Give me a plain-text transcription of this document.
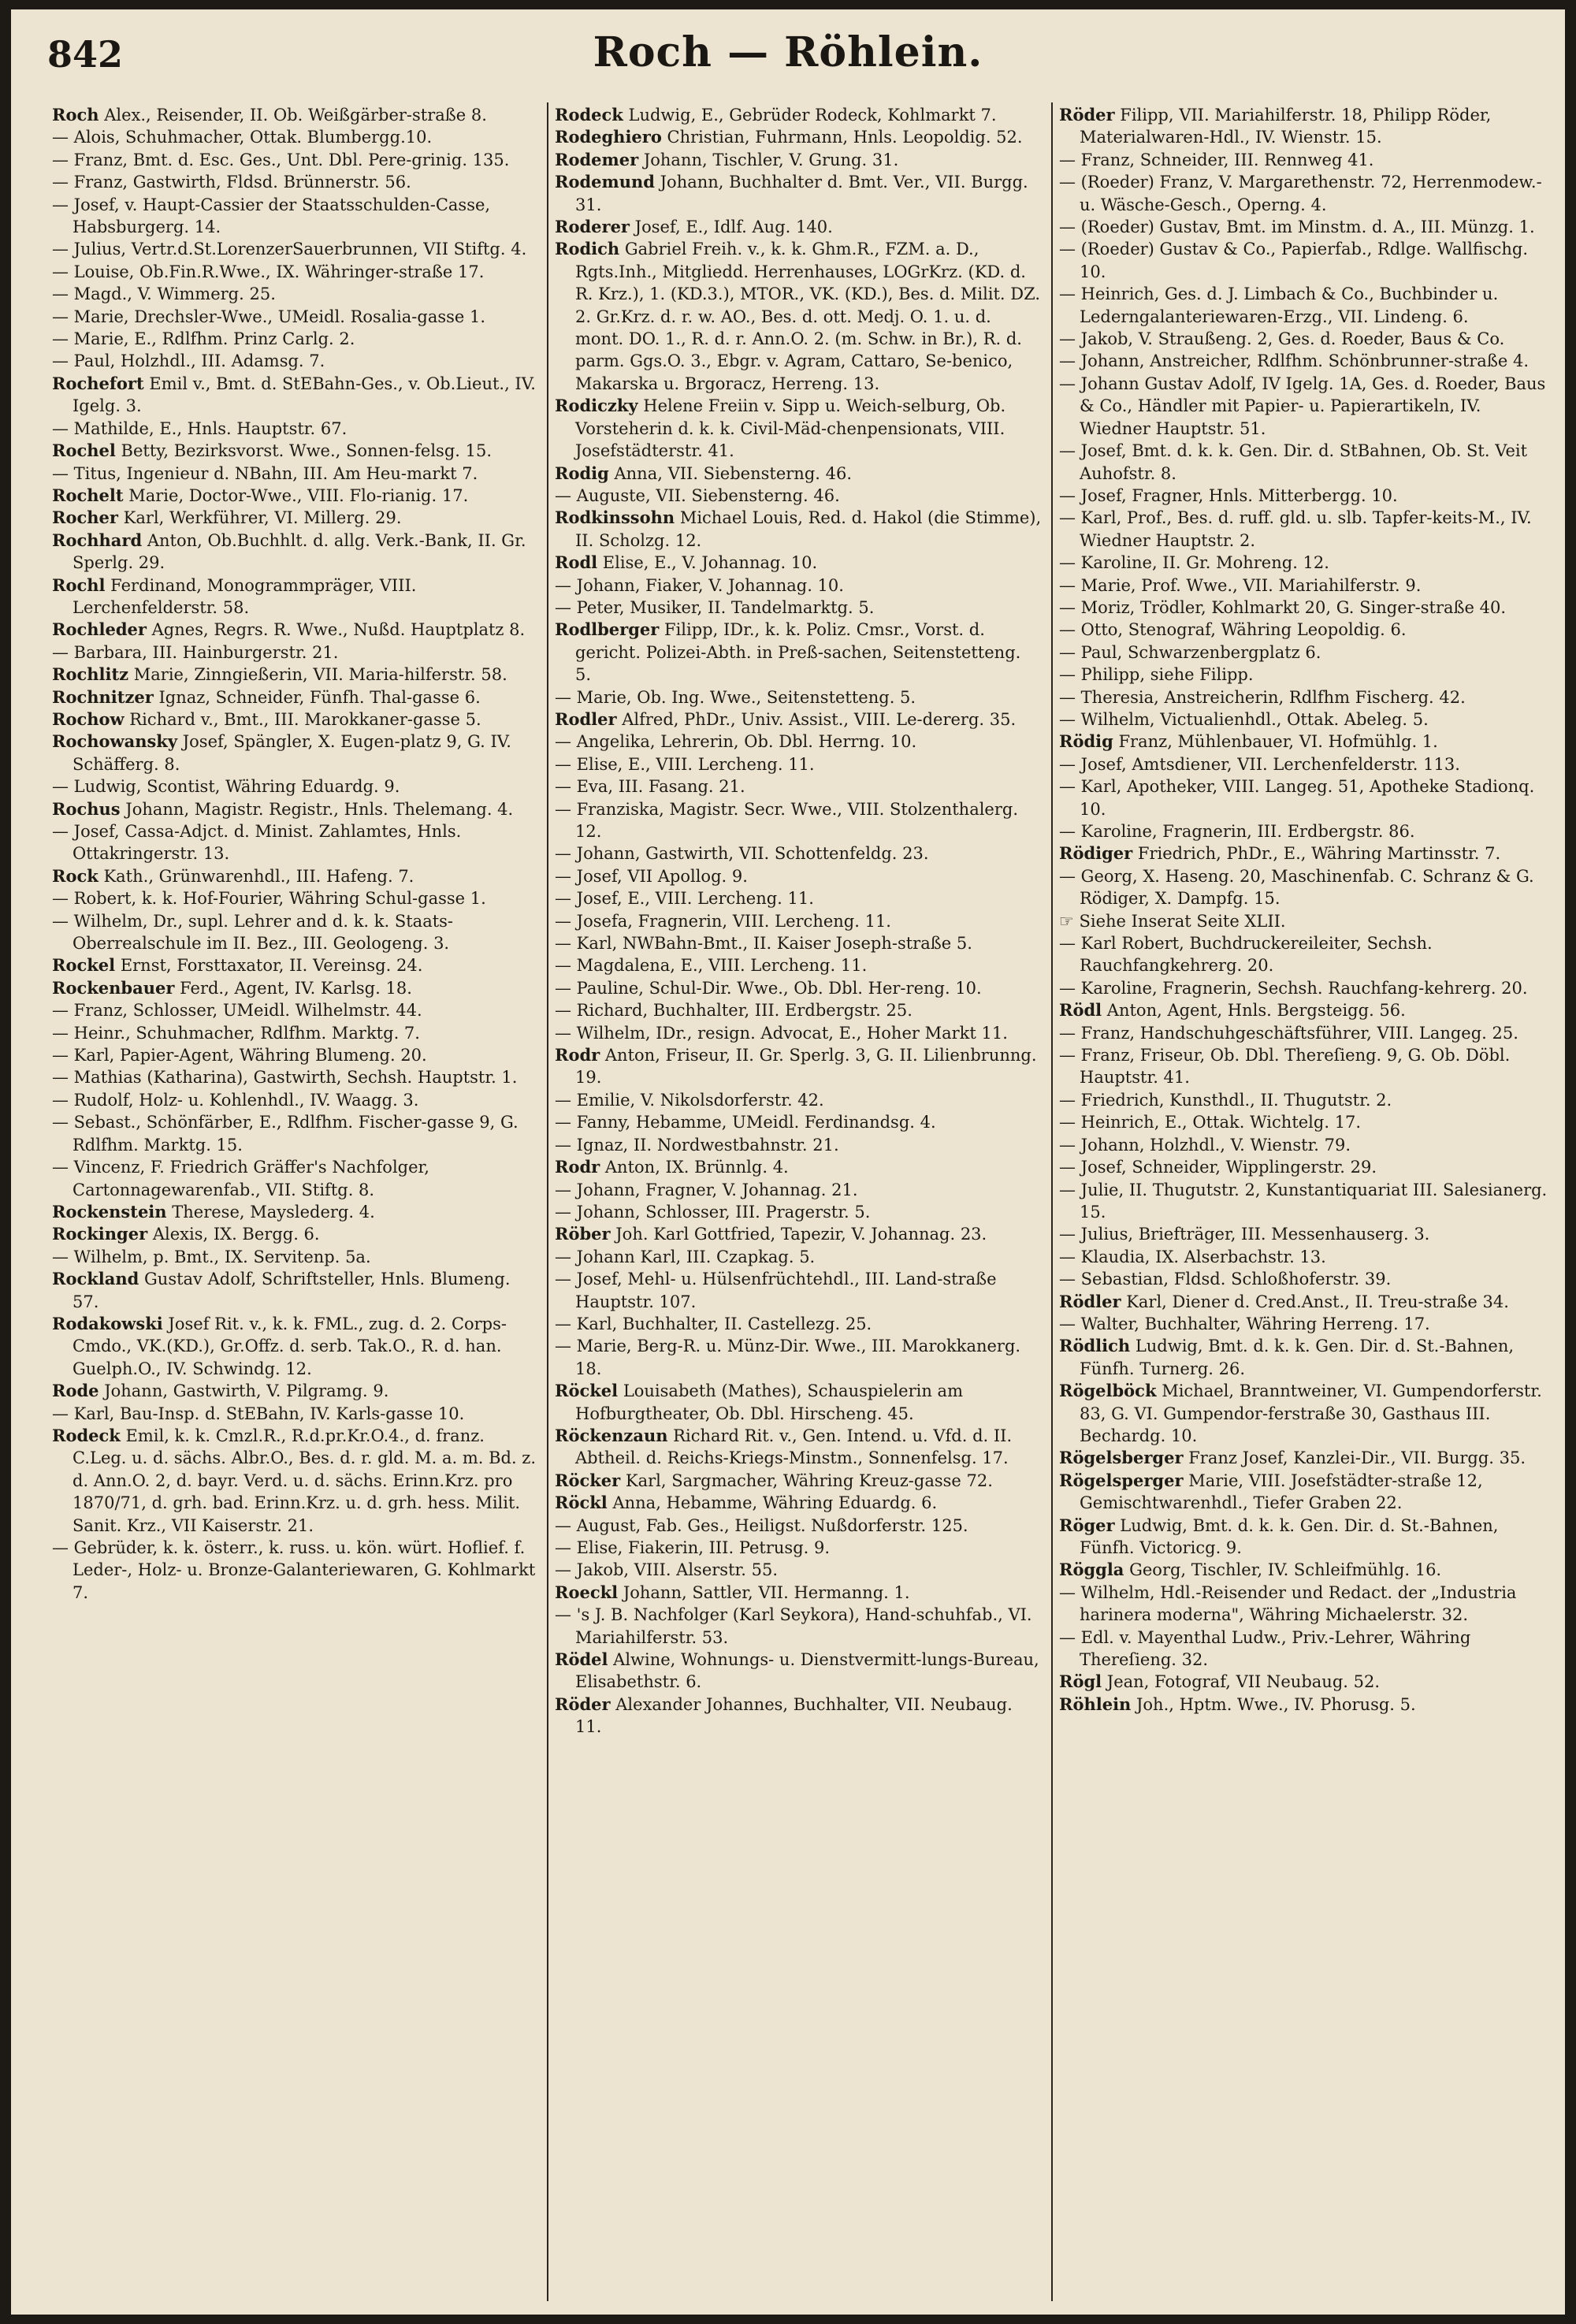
842	Roch — Röhlein.

Roch Alex., Reisender, II. Ob. Weißgärber-straße 8.

— Alois, Schuhmacher, Ottak. Blumbergg.10.

— Franz, Bmt. d. Esc. Ges., Unt. Dbl. Pere-grinig. 135.

— Franz, Gastwirth, Fldsd. Brünnerstr. 56.

— Josef, v. Haupt-Cassier der Staatsschulden-Casse, Habsburgerg. 14.

— Julius, Vertr.d.St.LorenzerSauerbrunnen, VII Stiftg. 4.

— Louise, Ob.Fin.R.Wwe., IX. Währinger-straße 17.

— Magd., V. Wimmerg. 25.

— Marie, Drechsler-Wwe., UMeidl. Rosalia-gasse 1.

— Marie, E., Rdlfhm. Prinz Carlg. 2.

— Paul, Holzhdl., III. Adamsg. 7.

Rochefort Emil v., Bmt. d. StEBahn-Ges., v. Ob.Lieut., IV. Igelg. 3.

— Mathilde, E., Hnls. Hauptstr. 67.

Rochel Betty, Bezirksvorst. Wwe., Sonnen-felsg. 15.

— Titus, Ingenieur d. NBahn, III. Am Heu-markt 7.

Rochelt Marie, Doctor-Wwe., VIII. Flo-rianig. 17.

Rocher Karl, Werkführer, VI. Millerg. 29.

Rochhard Anton, Ob.Buchhlt. d. allg. Verk.-Bank, II. Gr. Sperlg. 29.

Rochl Ferdinand, Monogrammpräger, VIII. Lerchenfelderstr. 58.

Rochleder Agnes, Regrs. R. Wwe., Nußd. Hauptplatz 8.

— Barbara, III. Hainburgerstr. 21.

Rochlitz Marie, Zinngießerin, VII. Maria-hilferstr. 58.

Rochnitzer Ignaz, Schneider, Fünfh. Thal-gasse 6.

Rochow Richard v., Bmt., III. Marokkaner-gasse 5.

Rochowansky Josef, Spängler, X. Eugen-platz 9, G. IV. Schäfferg. 8.

— Ludwig, Scontist, Währing Eduardg. 9.

Rochus Johann, Magistr. Registr., Hnls. Thelemang. 4.

— Josef, Cassa-Adjct. d. Minist. Zahlamtes, Hnls. Ottakringerstr. 13.

Rock Kath., Grünwarenhdl., III. Hafeng. 7.

— Robert, k. k. Hof-Fourier, Währing Schul-gasse 1.

— Wilhelm, Dr., supl. Lehrer and d. k. k. Staats-Oberrealschule im II. Bez., III. Geologeng. 3.

Rockel Ernst, Forsttaxator, II. Vereinsg. 24.

Rockenbauer Ferd., Agent, IV. Karlsg. 18.

— Franz, Schlosser, UMeidl. Wilhelmstr. 44.

— Heinr., Schuhmacher, Rdlfhm. Marktg. 7.

— Karl, Papier-Agent, Währing Blumeng. 20.

— Mathias (Katharina), Gastwirth, Sechsh. Hauptstr. 1.

— Rudolf, Holz- u. Kohlenhdl., IV. Waagg. 3.

— Sebast., Schönfärber, E., Rdlfhm. Fischer-gasse 9, G. Rdlfhm. Marktg. 15.

— Vincenz, F. Friedrich Gräffer's Nachfolger, Cartonnagewarenfab., VII. Stiftg. 8.

Rockenstein Therese, Mayslederg. 4.

Rockinger Alexis, IX. Bergg. 6.

— Wilhelm, p. Bmt., IX. Servitenp. 5a.

Rockland Gustav Adolf, Schriftsteller, Hnls. Blumeng. 57.

Rodakowski Josef Rit. v., k. k. FML., zug. d. 2. Corps-Cmdo., VK.(KD.), Gr.Offz. d. serb. Tak.O., R. d. han. Guelph.O., IV. Schwindg. 12.

Rode Johann, Gastwirth, V. Pilgramg. 9.

— Karl, Bau-Insp. d. StEBahn, IV. Karls-gasse 10.

Rodeck Emil, k. k. Cmzl.R., R.d.pr.Kr.O.4., d. franz. C.Leg. u. d. sächs. Albr.O., Bes. d. r. gld. M. a. m. Bd. z. d. Ann.O. 2, d. bayr. Verd. u. d. sächs. Erinn.Krz. pro 1870/71, d. grh. bad. Erinn.Krz. u. d. grh. hess. Milit. Sanit. Krz., VII Kaiserstr. 21.

— Gebrüder, k. k. österr., k. russ. u. kön. würt. Hoflief. f. Leder-, Holz- u. Bronze-Galanteriewaren, G. Kohlmarkt 7.

Rodeck Ludwig, E., Gebrüder Rodeck, Kohlmarkt 7.

Rodeghiero Christian, Fuhrmann, Hnls. Leopoldig. 52.

Rodemer Johann, Tischler, V. Grung. 31.

Rodemund Johann, Buchhalter d. Bmt. Ver., VII. Burgg. 31.

Roderer Josef, E., Idlf. Aug. 140.

Rodich Gabriel Freih. v., k. k. Ghm.R., FZM. a. D., Rgts.Inh., Mitgliedd. Herrenhauses, LOGrKrz. (KD. d. R. Krz.), 1. (KD.3.), MTOR., VK. (KD.), Bes. d. Milit. DZ. 2. Gr.Krz. d. r. w. AO., Bes. d. ott. Medj. O. 1. u. d. mont. DO. 1., R. d. r. Ann.O. 2. (m. Schw. in Br.), R. d. parm. Ggs.O. 3., Ebgr. v. Agram, Cattaro, Se-benico, Makarska u. Brgoracz, Herreng. 13.

Rodiczky Helene Freiin v. Sipp u. Weich-selburg, Ob. Vorsteherin d. k. k. Civil-Mäd-chenpensionats, VIII. Josefstädterstr. 41.

Rodig Anna, VII. Siebensterng. 46.

— Auguste, VII. Siebensterng. 46.

Rodkinssohn Michael Louis, Red. d. Hakol (die Stimme), II. Scholzg. 12.

Rodl Elise, E., V. Johannag. 10.

— Johann, Fiaker, V. Johannag. 10.

— Peter, Musiker, II. Tandelmarktg. 5.

Rodlberger Filipp, IDr., k. k. Poliz. Cmsr., Vorst. d. gericht. Polizei-Abth. in Preß-sachen, Seitenstetteng. 5.

— Marie, Ob. Ing. Wwe., Seitenstetteng. 5.

Rodler Alfred, PhDr., Univ. Assist., VIII. Le-dererg. 35.

— Angelika, Lehrerin, Ob. Dbl. Herrng. 10.

— Elise, E., VIII. Lercheng. 11.

— Eva, III. Fasang. 21.

— Franziska, Magistr. Secr. Wwe., VIII. Stolzenthalerg. 12.

— Johann, Gastwirth, VII. Schottenfeldg. 23.

— Josef, VII Apollog. 9.

— Josef, E., VIII. Lercheng. 11.

— Josefa, Fragnerin, VIII. Lercheng. 11.

— Karl, NWBahn-Bmt., II. Kaiser Joseph-straße 5.

— Magdalena, E., VIII. Lercheng. 11.

— Pauline, Schul-Dir. Wwe., Ob. Dbl. Her-reng. 10.

— Richard, Buchhalter, III. Erdbergstr. 25.

— Wilhelm, IDr., resign. Advocat, E., Hoher Markt 11.

Rodr Anton, Friseur, II. Gr. Sperlg. 3, G. II. Lilienbrunng. 19.

— Emilie, V. Nikolsdorferstr. 42.

— Fanny, Hebamme, UMeidl. Ferdinandsg. 4.

— Ignaz, II. Nordwestbahnstr. 21.

Rodr Anton, IX. Brünnlg. 4.

— Johann, Fragner, V. Johannag. 21.

— Johann, Schlosser, III. Pragerstr. 5.

Röber Joh. Karl Gottfried, Tapezir, V. Johannag. 23.

— Johann Karl, III. Czapkag. 5.

— Josef, Mehl- u. Hülsenfrüchtehdl., III. Land-straße Hauptstr. 107.

— Karl, Buchhalter, II. Castellezg. 25.

— Marie, Berg-R. u. Münz-Dir. Wwe., III. Marokkanerg. 18.

Röckel Louisabeth (Mathes), Schauspielerin am Hofburgtheater, Ob. Dbl. Hirscheng. 45.

Röckenzaun Richard Rit. v., Gen. Intend. u. Vfd. d. II. Abtheil. d. Reichs-Kriegs-Minstm., Sonnenfelsg. 17.

Röcker Karl, Sargmacher, Währing Kreuz-gasse 72.

Röckl Anna, Hebamme, Währing Eduardg. 6.

— August, Fab. Ges., Heiligst. Nußdorferstr. 125.

— Elise, Fiakerin, III. Petrusg. 9.

— Jakob, VIII. Alserstr. 55.

Roeckl Johann, Sattler, VII. Hermanng. 1.

— 's J. B. Nachfolger (Karl Seykora), Hand-schuhfab., VI. Mariahilferstr. 53.

Rödel Alwine, Wohnungs- u. Dienstvermitt-lungs-Bureau, Elisabethstr. 6.

Röder Alexander Johannes, Buchhalter, VII. Neubaug. 11.

Röder Filipp, VII. Mariahilferstr. 18, Philipp Röder, Materialwaren-Hdl., IV. Wienstr. 15.

— Franz, Schneider, III. Rennweg 41.

— (Roeder) Franz, V. Margarethenstr. 72, Herrenmodew.- u. Wäsche-Gesch., Operng. 4.

— (Roeder) Gustav, Bmt. im Minstm. d. A., III. Münzg. 1.

— (Roeder) Gustav & Co., Papierfab., Rdlge. Wallfischg. 10.

— Heinrich, Ges. d. J. Limbach & Co., Buchbinder u. Lederngalanteriewaren-Erzg., VII. Lindeng. 6.

— Jakob, V. Straußeng. 2, Ges. d. Roeder, Baus & Co.

— Johann, Anstreicher, Rdlfhm. Schönbrunner-straße 4.

— Johann Gustav Adolf, IV Igelg. 1A, Ges. d. Roeder, Baus & Co., Händler mit Papier- u. Papierartikeln, IV. Wiedner Hauptstr. 51.

— Josef, Bmt. d. k. k. Gen. Dir. d. StBahnen, Ob. St. Veit Auhofstr. 8.

— Josef, Fragner, Hnls. Mitterbergg. 10.

— Karl, Prof., Bes. d. ruff. gld. u. slb. Tapfer-keits-M., IV. Wiedner Hauptstr. 2.

— Karoline, II. Gr. Mohreng. 12.

— Marie, Prof. Wwe., VII. Mariahilferstr. 9.

— Moriz, Trödler, Kohlmarkt 20, G. Singer-straße 40.

— Otto, Stenograf, Währing Leopoldig. 6.

— Paul, Schwarzenbergplatz 6.

— Philipp, siehe Filipp.

— Theresia, Anstreicherin, Rdlfhm Fischerg. 42.

— Wilhelm, Victualienhdl., Ottak. Abeleg. 5.

Rödig Franz, Mühlenbauer, VI. Hofmühlg. 1.

— Josef, Amtsdiener, VII. Lerchenfelderstr. 113.

— Karl, Apotheker, VIII. Langeg. 51, Apotheke Stadionq. 10.

— Karoline, Fragnerin, III. Erdbergstr. 86.

Rödiger Friedrich, PhDr., E., Währing Martinsstr. 7.

— Georg, X. Haseng. 20, Maschinenfab. C. Schranz & G. Rödiger, X. Dampfg. 15.

☞ Siehe Inserat Seite XLII.

— Karl Robert, Buchdruckereileiter, Sechsh. Rauchfangkehrerg. 20.

— Karoline, Fragnerin, Sechsh. Rauchfang-kehrerg. 20.

Rödl Anton, Agent, Hnls. Bergsteigg. 56.

— Franz, Handschuhgeschäftsführer, VIII. Langeg. 25.

— Franz, Friseur, Ob. Dbl. Thereſieng. 9, G. Ob. Döbl. Hauptstr. 41.

— Friedrich, Kunsthdl., II. Thugutstr. 2.

— Heinrich, E., Ottak. Wichtelg. 17.

— Johann, Holzhdl., V. Wienstr. 79.

— Josef, Schneider, Wipplingerstr. 29.

— Julie, II. Thugutstr. 2, Kunstantiquariat III. Salesianerg. 15.

— Julius, Briefträger, III. Messenhauserg. 3.

— Klaudia, IX. Alserbachstr. 13.

— Sebastian, Fldsd. Schloßhoferstr. 39.

Rödler Karl, Diener d. Cred.Anst., II. Treu-straße 34.

— Walter, Buchhalter, Währing Herreng. 17.

Rödlich Ludwig, Bmt. d. k. k. Gen. Dir. d. St.-Bahnen, Fünfh. Turnerg. 26.

Rögelböck Michael, Branntweiner, VI. Gumpendorferstr. 83, G. VI. Gumpendor-ferstraße 30, Gasthaus III. Bechardg. 10.

Rögelsberger Franz Josef, Kanzlei-Dir., VII. Burgg. 35.

Rögelsperger Marie, VIII. Josefstädter-straße 12, Gemischtwarenhdl., Tiefer Graben 22.

Röger Ludwig, Bmt. d. k. k. Gen. Dir. d. St.-Bahnen, Fünfh. Victoricg. 9.

Röggla Georg, Tischler, IV. Schleifmühlg. 16.

— Wilhelm, Hdl.-Reisender und Redact. der „Industria harinera moderna", Währing Michaelerstr. 32.

— Edl. v. Mayenthal Ludw., Priv.-Lehrer, Währing Thereſieng. 32.

Rögl Jean, Fotograf, VII Neubaug. 52.

Röhlein Joh., Hptm. Wwe., IV. Phorusg. 5.
